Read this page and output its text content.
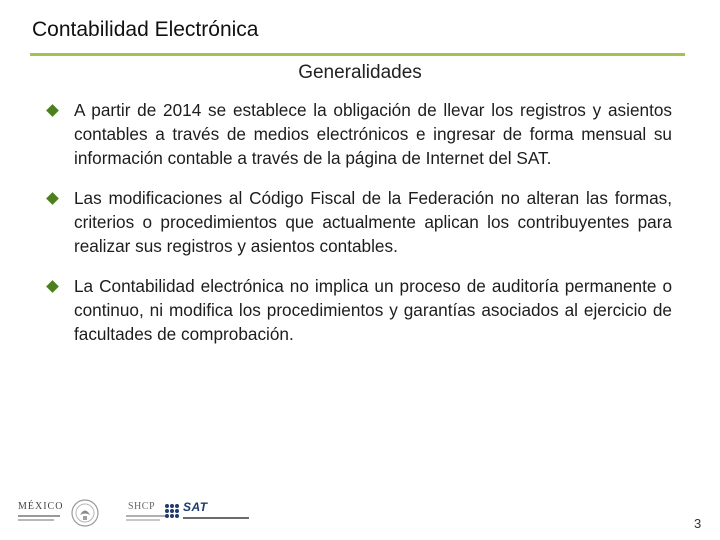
Contabilidad Electrónica
Generalidades
A partir de 2014 se establece la obligación de llevar los registros y asientos contables a través de medios electrónicos e ingresar de forma mensual su información contable a través de la página de Internet del SAT.
Las modificaciones al Código Fiscal de la Federación no alteran las formas, criterios o procedimientos que actualmente aplican los contribuyentes para realizar sus registros y asientos contables.
La Contabilidad electrónica no implica un proceso de auditoría permanente o continuo, ni modifica los procedimientos y garantías asociados al ejercicio de facultades de comprobación.
MÉXICO	SHCP SAT
3
